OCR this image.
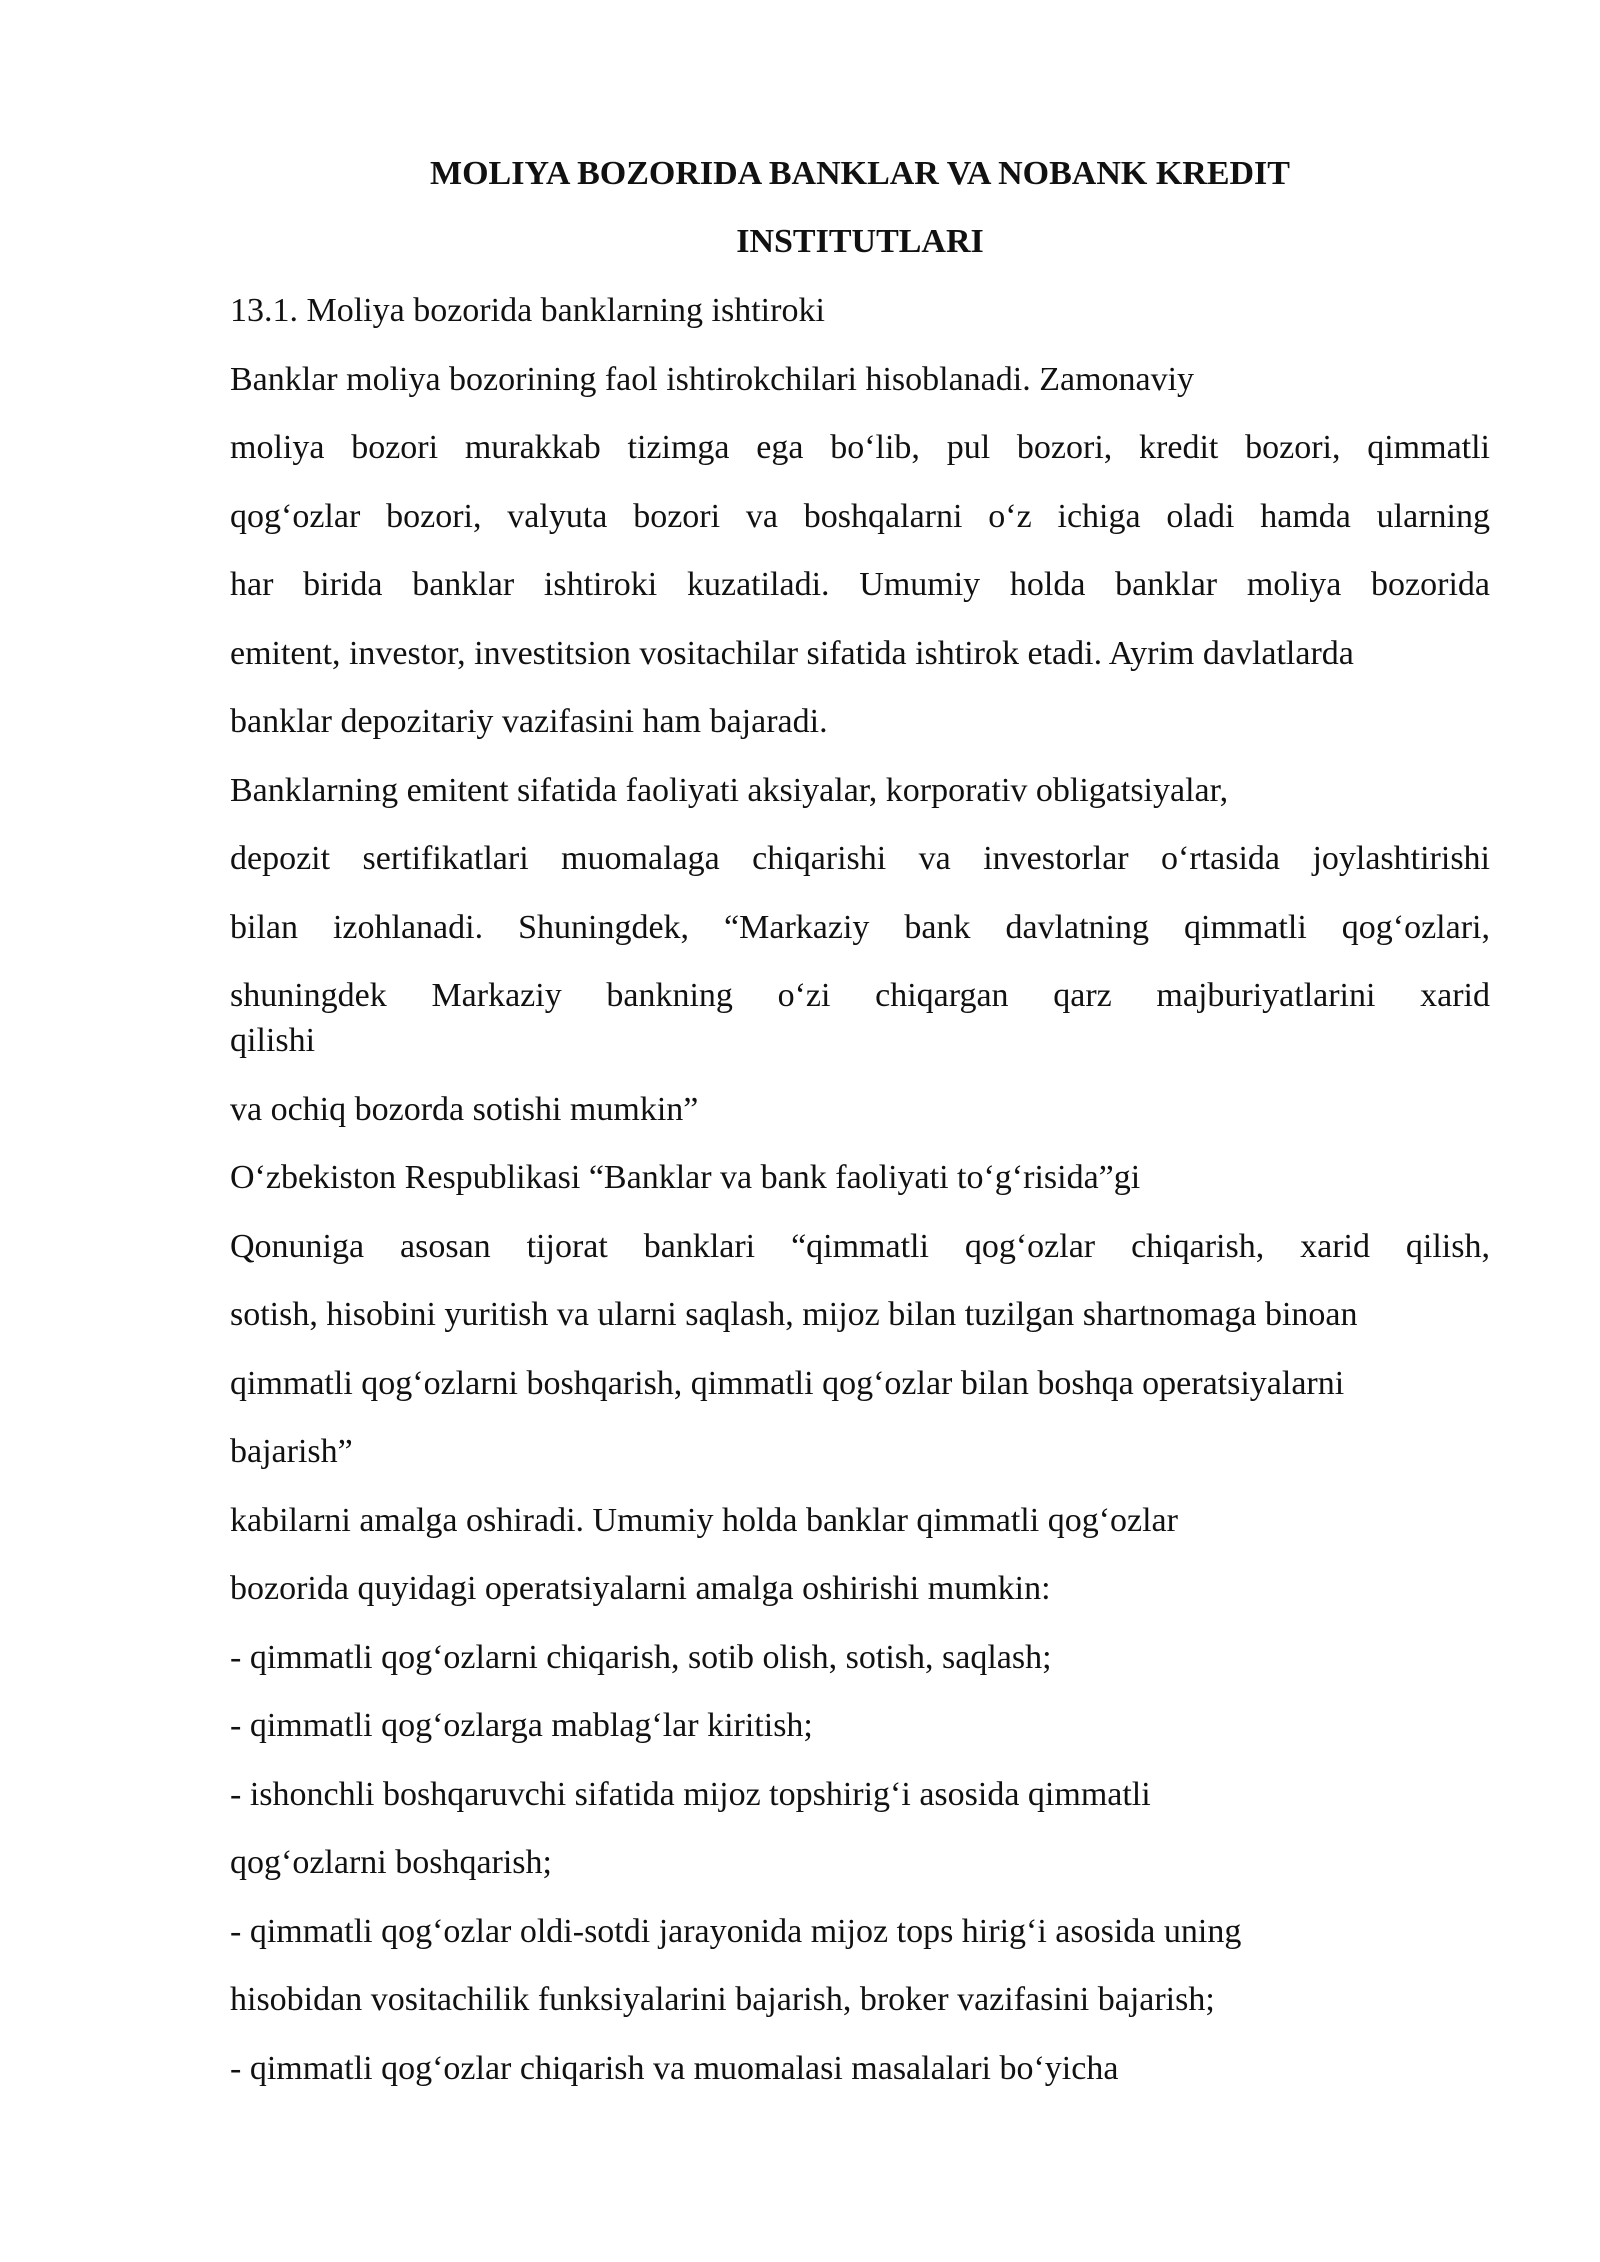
MOLIYA BOZORIDA BANKLAR VA NOBANK KREDIT

INSTITUTLARI

13.1. Moliya bozorida banklarning ishtiroki

Banklar moliya bozorining faol ishtirokchilari hisoblanadi. Zamonaviy

moliya bozori murakkab tizimga ega bo‘lib, pul bozori, kredit bozori, qimmatli

qog‘ozlar bozori, valyuta bozori va boshqalarni o‘z ichiga oladi hamda ularning

har birida banklar ishtiroki kuzatiladi. Umumiy holda banklar moliya bozorida

emitent, investor, investitsion vositachilar sifatida ishtirok etadi. Ayrim davlatlarda

banklar depozitariy vazifasini ham bajaradi.

Banklarning emitent sifatida faoliyati aksiyalar, korporativ obligatsiyalar,

depozit sertifikatlari muomalaga chiqarishi va investorlar o‘rtasida joylashtirishi

bilan izohlanadi. Shuningdek, “Markaziy bank davlatning qimmatli qog‘ozlari,

shuningdek Markaziy bankning o‘zi chiqargan qarz majburiyatlarini xarid

qilishi

va ochiq bozorda sotishi mumkin”

O‘zbekiston Respublikasi “Banklar va bank faoliyati to‘g‘risida”gi

Qonuniga asosan tijorat banklari “qimmatli qog‘ozlar chiqarish, xarid qilish,

sotish, hisobini yuritish va ularni saqlash, mijoz bilan tuzilgan shartnomaga binoan

qimmatli qog‘ozlarni boshqarish, qimmatli qog‘ozlar bilan boshqa operatsiyalarni

bajarish”

kabilarni amalga oshiradi. Umumiy holda banklar qimmatli qog‘ozlar

bozorida quyidagi operatsiyalarni amalga oshirishi mumkin:

- qimmatli qog‘ozlarni chiqarish, sotib olish, sotish, saqlash;

- qimmatli qog‘ozlarga mablag‘lar kiritish;

- ishonchli boshqaruvchi sifatida mijoz topshirig‘i asosida qimmatli

qog‘ozlarni boshqarish;

- qimmatli qog‘ozlar oldi-sotdi jarayonida mijoz tops hirig‘i asosida uning

hisobidan vositachilik funksiyalarini bajarish, broker vazifasini bajarish;

- qimmatli qog‘ozlar chiqarish va muomalasi masalalari bo‘yicha
